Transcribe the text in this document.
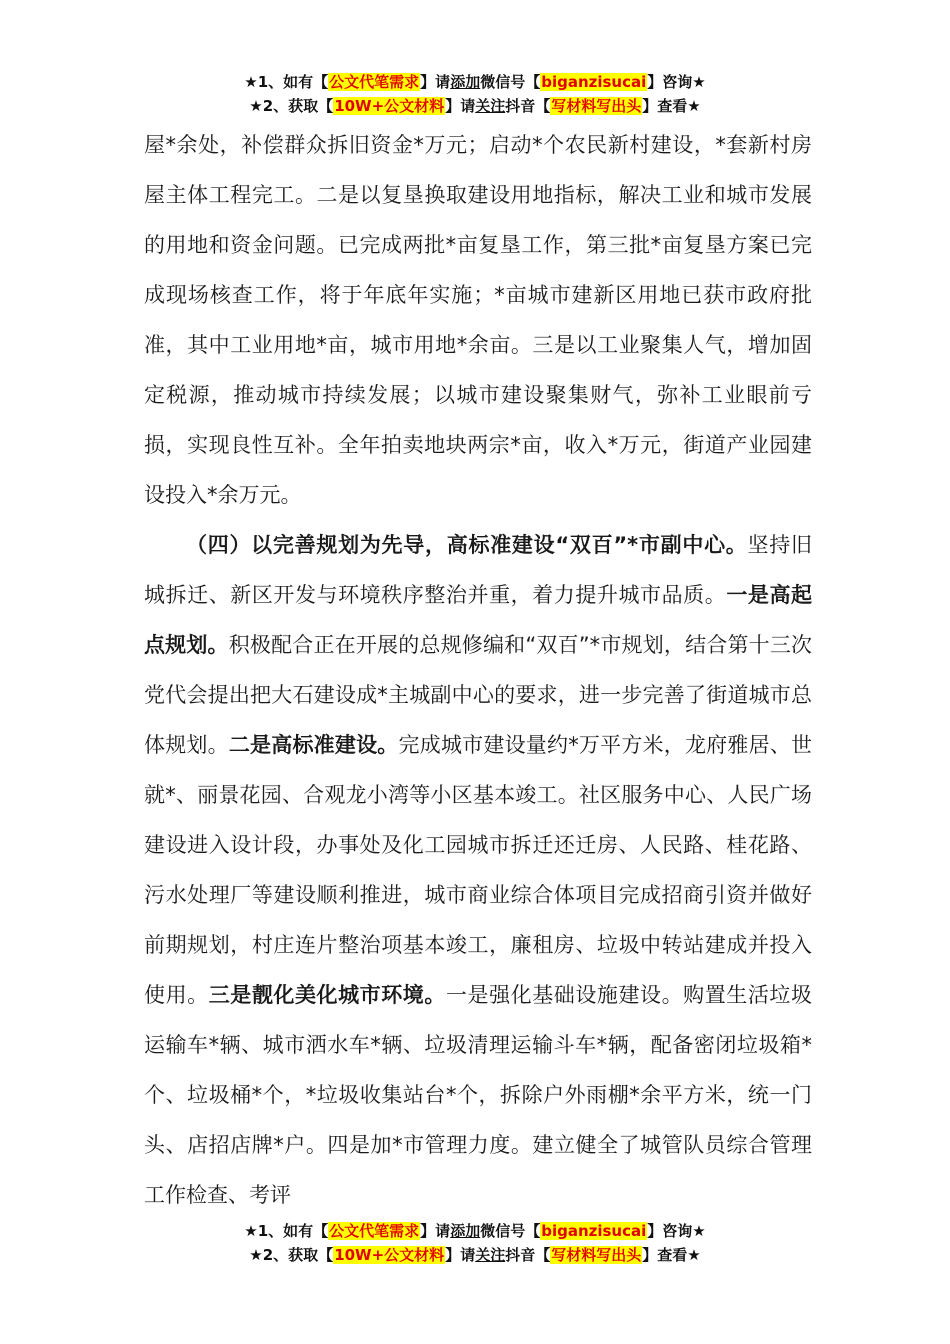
★1、如有【公文代笔需求】请添加微信号【biganzisucai】咨询★
★2、获取【10W+公文材料】请关注抖音【写材料写出头】查看★

屋*余处，补偿群众拆旧资金*万元；启动*个农民新村建设，*套新村房屋主体工程完工。二是以复垦换取建设用地指标，解决工业和城市发展的用地和资金问题。已完成两批*亩复垦工作，第三批*亩复垦方案已完成现场核查工作，将于年底年实施；*亩城市建新区用地已获市政府批准，其中工业用地*亩，城市用地*余亩。三是以工业聚集人气，增加固定税源，推动城市持续发展；以城市建设聚集财气，弥补工业眼前亏损，实现良性互补。全年拍卖地块两宗*亩，收入*万元，街道产业园建设投入*余万元。

（四）以完善规划为先导，高标准建设“双百”*市副中心。坚持旧城拆迁、新区开发与环境秩序整治并重，着力提升城市品质。一是高起点规划。积极配合正在开展的总规修编和“双百”*市规划，结合第十三次党代会提出把大石建设成*主城副中心的要求，进一步完善了街道城市总体规划。二是高标准建设。完成城市建设量约*万平方米，龙府雅居、世就*、丽景花园、合观龙小湾等小区基本竣工。社区服务中心、人民广场建设进入设计段，办事处及化工园城市拆迁还迁房、人民路、桂花路、污水处理厂等建设顺利推进，城市商业综合体项目完成招商引资并做好前期规划，村庄连片整治项基本竣工，廉租房、垃圾中转站建成并投入使用。三是靓化美化城市环境。一是强化基础设施建设。购置生活垃圾运输车*辆、城市洒水车*辆、垃圾清理运输斗车*辆，配备密闭垃圾箱*个、垃圾桶*个，*垃圾收集站台*个，拆除户外雨棚*余平方米，统一门头、店招店牌*户。四是加*市管理力度。建立健全了城管队员综合管理工作检查、考评

★1、如有【公文代笔需求】请添加微信号【biganzisucai】咨询★
★2、获取【10W+公文材料】请关注抖音【写材料写出头】查看★
